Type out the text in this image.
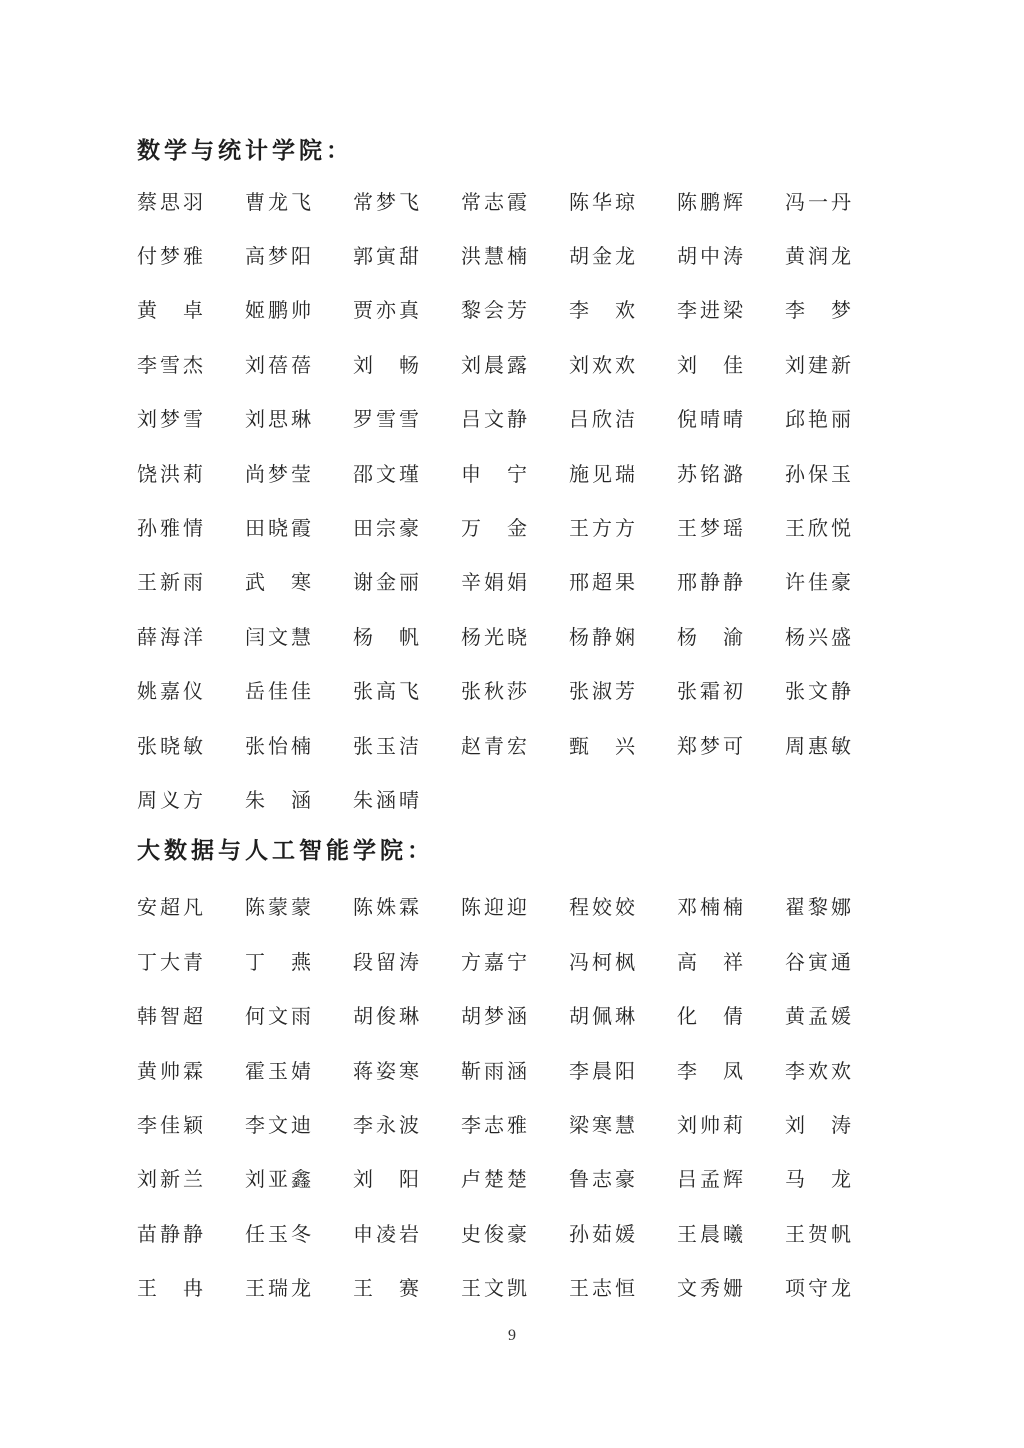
数学与统计学院：
蔡思羽 曹龙飞 常梦飞 常志霞 陈华琼 陈鹏辉 冯一丹
付梦雅 高梦阳 郭寅甜 洪慧楠 胡金龙 胡中涛 黄润龙
黄 卓 姬鹏帅 贾亦真 黎会芳 李 欢 李进梁 李 梦
李雪杰 刘蓓蓓 刘 畅 刘晨露 刘欢欢 刘 佳 刘建新
刘梦雪 刘思琳 罗雪雪 吕文静 吕欣洁 倪晴晴 邱艳丽
饶洪莉 尚梦莹 邵文瑾 申 宁 施见瑞 苏铭潞 孙保玉
孙雅情 田晓霞 田宗豪 万 金 王方方 王梦瑶 王欣悦
王新雨 武 寒 谢金丽 辛娟娟 邢超果 邢静静 许佳豪
薛海洋 闫文慧 杨 帆 杨光晓 杨静娴 杨 渝 杨兴盛
姚嘉仪 岳佳佳 张高飞 张秋莎 张淑芳 张霜初 张文静
张晓敏 张怡楠 张玉洁 赵青宏 甄 兴 郑梦可 周惠敏
周义方 朱 涵 朱涵晴
大数据与人工智能学院：
安超凡 陈蒙蒙 陈姝霖 陈迎迎 程姣姣 邓楠楠 翟黎娜
丁大青 丁 燕 段留涛 方嘉宁 冯柯枫 高 祥 谷寅通
韩智超 何文雨 胡俊琳 胡梦涵 胡佩琳 化 倩 黄孟媛
黄帅霖 霍玉婧 蒋姿寒 靳雨涵 李晨阳 李 凤 李欢欢
李佳颖 李文迪 李永波 李志雅 梁寒慧 刘帅莉 刘 涛
刘新兰 刘亚鑫 刘 阳 卢楚楚 鲁志豪 吕孟辉 马 龙
苗静静 任玉冬 申凌岩 史俊豪 孙茹媛 王晨曦 王贺帆
王 冉 王瑞龙 王 赛 王文凯 王志恒 文秀姗 项守龙
9
